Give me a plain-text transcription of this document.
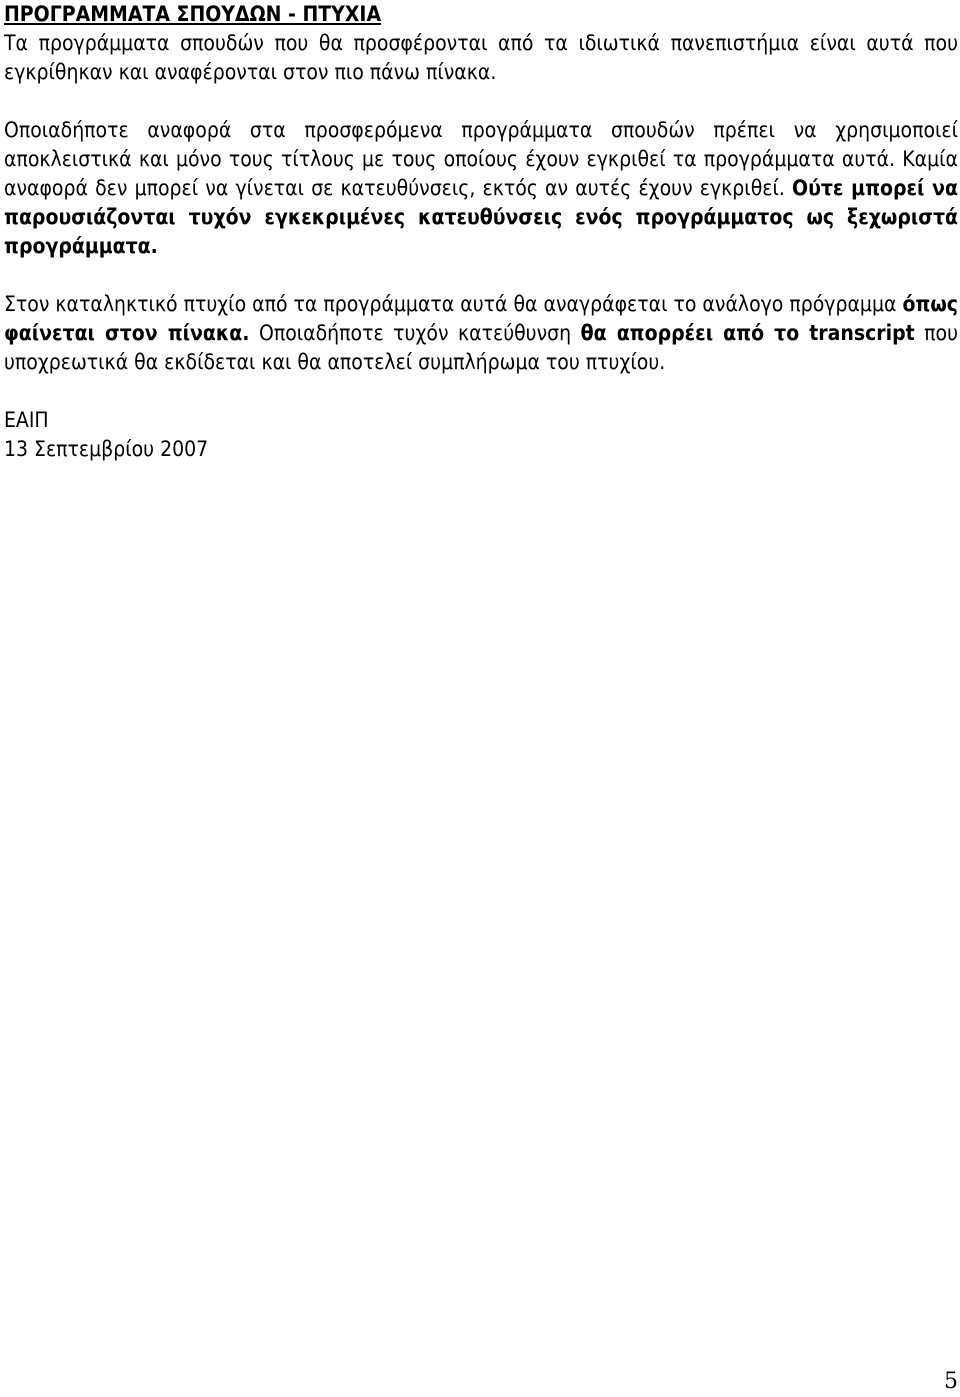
ΠΡΟΓΡΑΜΜΑΤΑ ΣΠΟΥΔΩΝ - ΠΤΥΧΙΑ

Τα προγράμματα σπουδών που θα προσφέρονται από τα ιδιωτικά πανεπιστήμια είναι αυτά που εγκρίθηκαν και αναφέρονται στον πιο πάνω πίνακα.

Οποιαδήποτε αναφορά στα προσφερόμενα προγράμματα σπουδών πρέπει να χρησιμοποιεί αποκλειστικά και μόνο τους τίτλους με τους οποίους έχουν εγκριθεί τα προγράμματα αυτά. Καμία αναφορά δεν μπορεί να γίνεται σε κατευθύνσεις, εκτός αν αυτές έχουν εγκριθεί. Ούτε μπορεί να παρουσιάζονται τυχόν εγκεκριμένες κατευθύνσεις ενός προγράμματος ως ξεχωριστά προγράμματα.

Στον καταληκτικό πτυχίο από τα προγράμματα αυτά θα αναγράφεται το ανάλογο πρόγραμμα όπως φαίνεται στον πίνακα. Οποιαδήποτε τυχόν κατεύθυνση θα απορρέει από το transcript που υποχρεωτικά θα εκδίδεται και θα αποτελεί συμπλήρωμα του πτυχίου.

ΕΑΙΠ
13 Σεπτεμβρίου 2007
5
